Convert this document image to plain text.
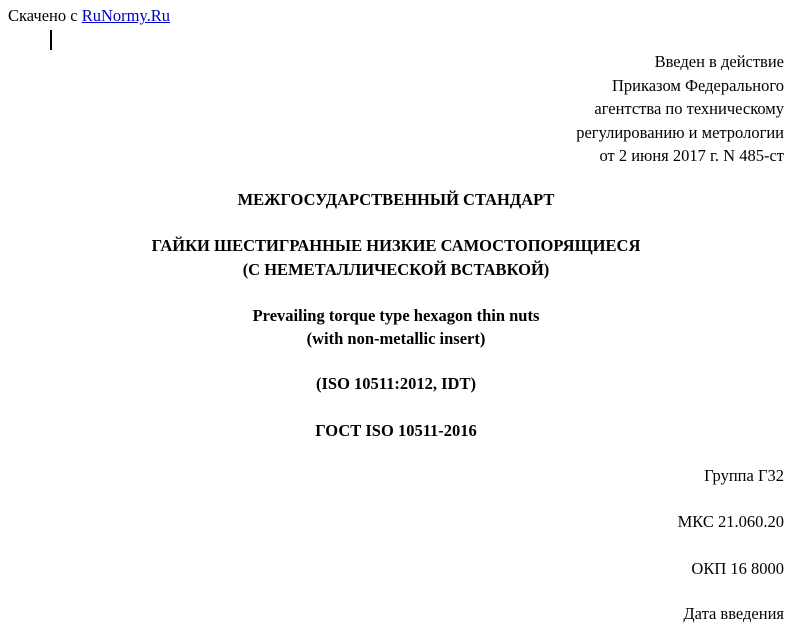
Скачено с RuNormy.Ru
Введен в действие
Приказом Федерального
агентства по техническому
регулированию и метрологии
от 2 июня 2017 г. N 485-ст
МЕЖГОСУДАРСТВЕННЫЙ СТАНДАРТ
ГАЙКИ ШЕСТИГРАННЫЕ НИЗКИЕ САМОСТОПОРЯЩИЕСЯ
(С НЕМЕТАЛЛИЧЕСКОЙ ВСТАВКОЙ)
Prevailing torque type hexagon thin nuts
(with non-metallic insert)
(ISO 10511:2012, IDT)
ГОСТ ISO 10511-2016
Группа Г32
МКС 21.060.20
ОКП 16 8000
Дата введения
